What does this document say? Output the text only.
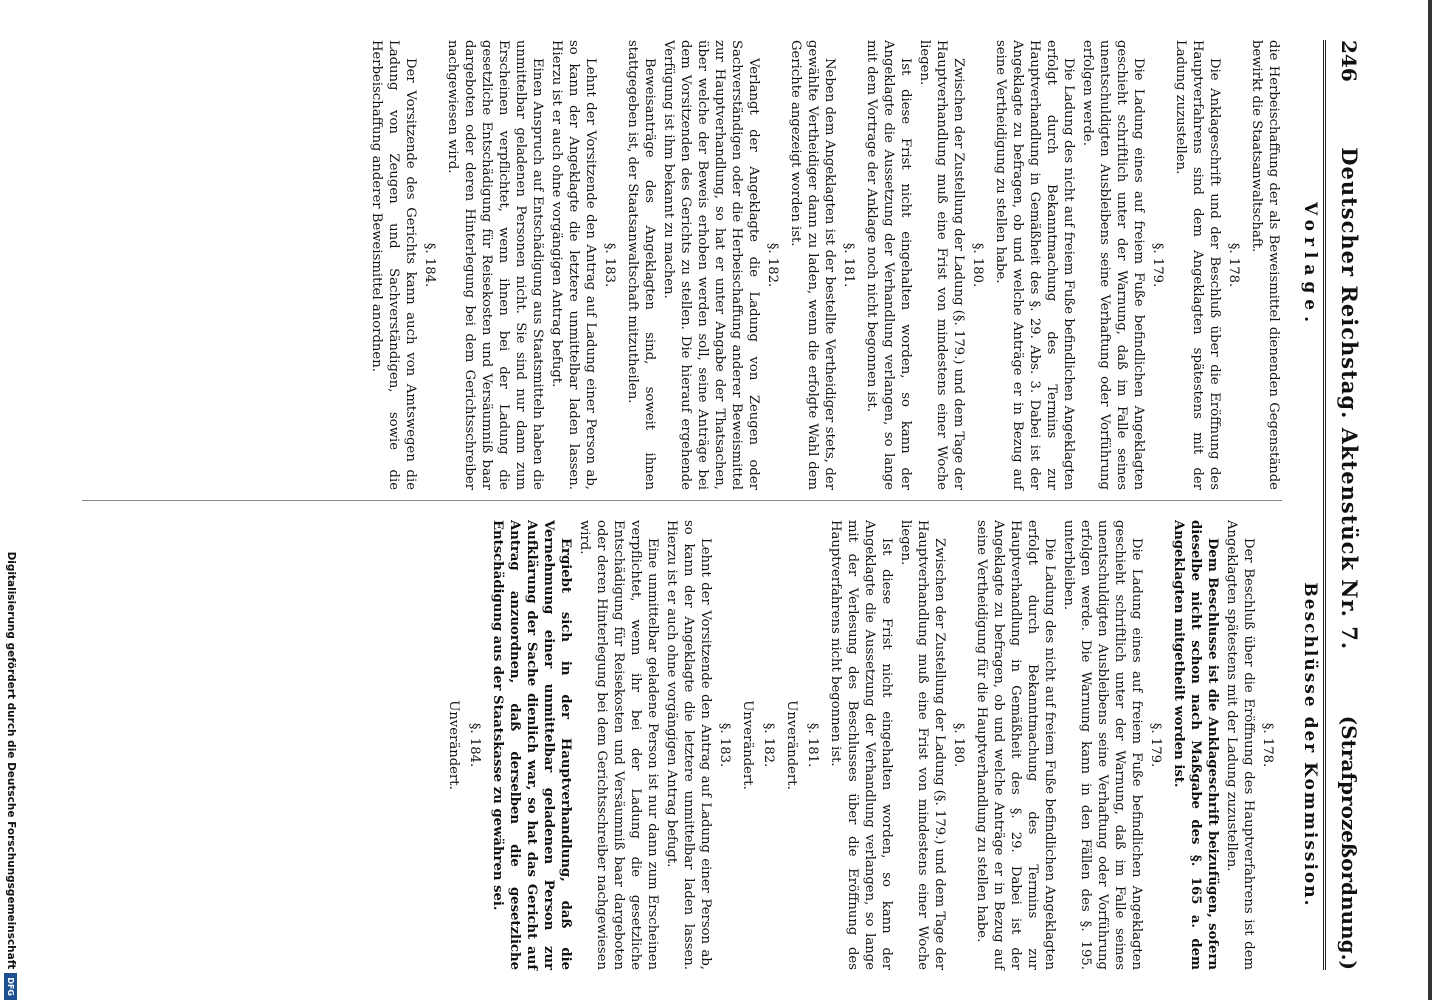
246
Deutscher Reichstag. Aktenstück Nr. 7.
(Strafprozeßordnung.)
Vorlage.
Beschlüsse der Kommission.

die Herbeischaffung der als Beweismittel dienenden Gegenstände bewirkt die Staatsanwaltschaft.

§. 178.

Die Anklageschrift und der Beschluß über die Eröffnung des Hauptverfahrens sind dem Angeklagten spätestens mit der Ladung zuzustellen.

§. 179.

Die Ladung eines auf freiem Fuße befindlichen Angeklagten geschieht schriftlich unter der Warnung, daß im Falle seines unentschuldigten Ausbleibens seine Verhaftung oder Vorführung erfolgen werde.

Die Ladung des nicht auf freiem Fuße befindlichen Angeklagten erfolgt durch Bekanntmachung des Termins zur Hauptverhandlung in Gemäßheit des §. 29. Abs. 3. Dabei ist der Angeklagte zu befragen, ob und welche Anträge er in Bezug auf seine Vertheidigung zu stellen habe.

§. 180.

Zwischen der Zustellung der Ladung (§. 179.) und dem Tage der Hauptverhandlung muß eine Frist von mindestens einer Woche liegen.

Ist diese Frist nicht eingehalten worden, so kann der Angeklagte die Aussetzung der Verhandlung verlangen, so lange mit dem Vortrage der Anklage noch nicht begonnen ist.

§. 181.

Neben dem Angeklagten ist der bestellte Vertheidiger stets, der gewählte Vertheidiger dann zu laden, wenn die erfolgte Wahl dem Gerichte angezeigt worden ist.

§. 182.

Verlangt der Angeklagte die Ladung von Zeugen oder Sachverständigen oder die Herbeischaffung anderer Beweismittel zur Hauptverhandlung, so hat er unter Angabe der Thatsachen, über welche der Beweis erhoben werden soll, seine Anträge bei dem Vorsitzenden des Gerichts zu stellen. Die hierauf ergehende Verfügung ist ihm bekannt zu machen.

Beweisanträge des Angeklagten sind, soweit ihnen stattgegeben ist, der Staatsanwaltschaft mitzutheilen.

§. 183.

Lehnt der Vorsitzende den Antrag auf Ladung einer Person ab, so kann der Angeklagte die letztere unmittelbar laden lassen. Hierzu ist er auch ohne vorgängigen Antrag befugt.

Einen Anspruch auf Entschädigung aus Staatsmitteln haben die unmittelbar geladenen Personen nicht. Sie sind nur dann zum Erscheinen verpflichtet, wenn ihnen bei der Ladung die gesetzliche Entschädigung für Reisekosten und Versäumniß baar dargeboten oder deren Hinterlegung bei dem Gerichtsschreiber nachgewiesen wird.

§. 184.

Der Vorsitzende des Gerichts kann auch von Amtswegen die Ladung von Zeugen und Sachverständigen, sowie die Herbeischaffung anderer Beweismittel anordnen.

§. 178.

Der Beschluß über die Eröffnung des Hauptverfahrens ist dem Angeklagten spätestens mit der Ladung zuzustellen.

Dem Beschlusse ist die Anklageschrift beizufügen, sofern dieselbe nicht schon nach Maßgabe des §. 165 a. dem Angeklagten mitgetheilt worden ist.

§. 179.

Die Ladung eines auf freiem Fuße befindlichen Angeklagten geschieht schriftlich unter der Warnung, daß im Falle seines unentschuldigten Ausbleibens seine Verhaftung oder Vorführung erfolgen werde. Die Warnung kann in den Fällen des §. 195. unterbleiben.

Die Ladung des nicht auf freiem Fuße befindlichen Angeklagten erfolgt durch Bekanntmachung des Termins zur Hauptverhandlung in Gemäßheit des §. 29. Dabei ist der Angeklagte zu befragen, ob und welche Anträge er in Bezug auf seine Vertheidigung für die Hauptverhandlung zu stellen habe.

§. 180.

Zwischen der Zustellung der Ladung (§. 179.) und dem Tage der Hauptverhandlung muß eine Frist von mindestens einer Woche liegen.

Ist diese Frist nicht eingehalten worden, so kann der Angeklagte die Aussetzung der Verhandlung verlangen, so lange mit der Verlesung des Beschlusses über die Eröffnung des Hauptverfahrens nicht begonnen ist.

§. 181.

Unverändert.

§. 182.

Unverändert.

§. 183.

Lehnt der Vorsitzende den Antrag auf Ladung einer Person ab, so kann der Angeklagte die letztere unmittelbar laden lassen. Hierzu ist er auch ohne vorgängigen Antrag befugt.

Eine unmittelbar geladene Person ist nur dann zum Erscheinen verpflichtet, wenn ihr bei der Ladung die gesetzliche Entschädigung für Reisekosten und Versäumniß baar dargeboten oder deren Hinterlegung bei dem Gerichtsschreiber nachgewiesen wird.

Ergiebt sich in der Hauptverhandlung, daß die Vernehmung einer unmittelbar geladenen Person zur Aufklärung der Sache dienlich war, so hat das Gericht auf Antrag anzuordnen, daß derselben die gesetzliche Entschädigung aus der Staatskasse zu gewähren sei.

§. 184.

Unverändert.

Digitalisierung gefördert durch die Deutsche Forschungsgemeinschaft
DFG
